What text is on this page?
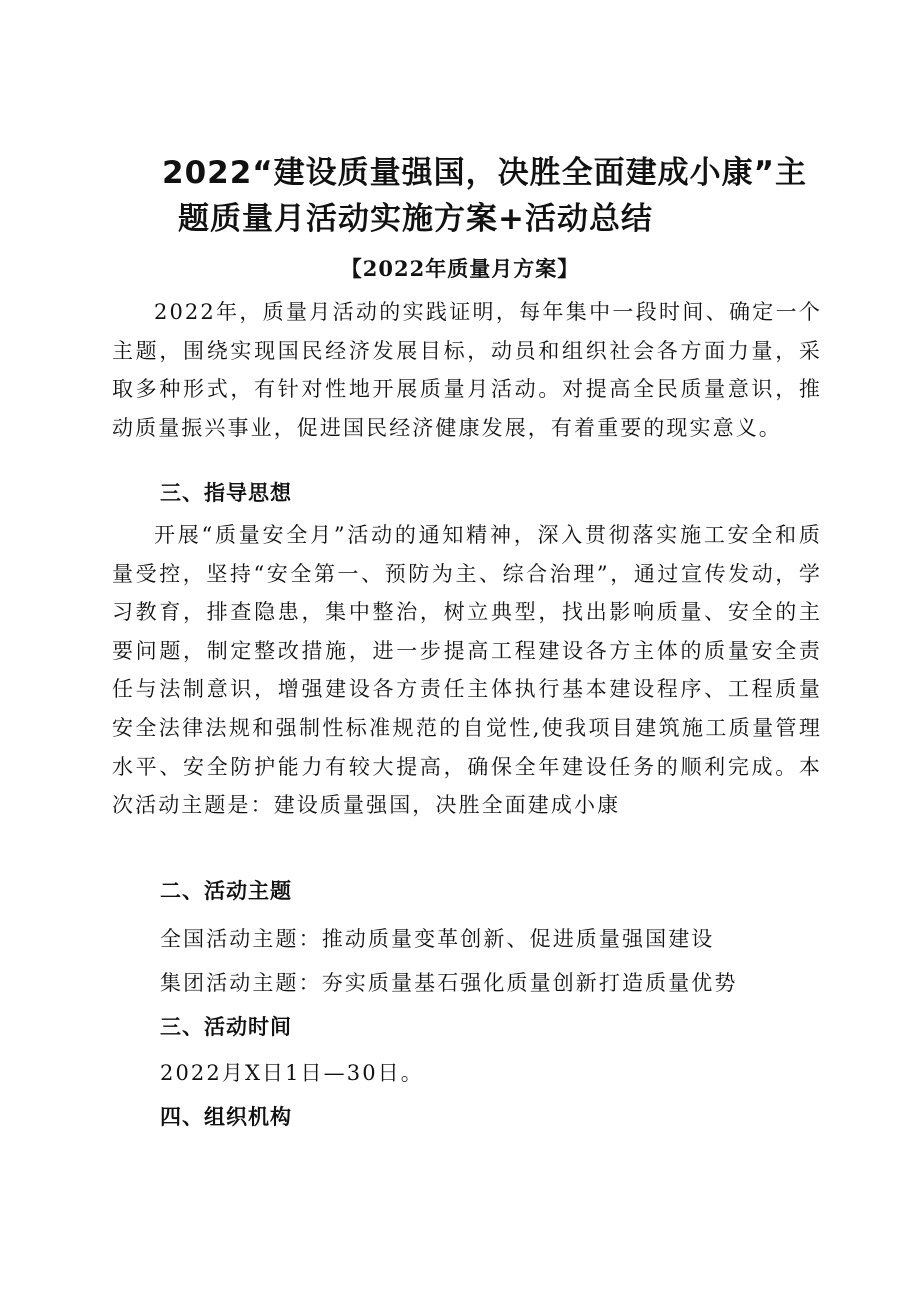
2022“建设质量强国，决胜全面建成小康”主
题质量月活动实施方案+活动总结

【2022年质量月方案】

2022年，质量月活动的实践证明，每年集中一段时间、确定一个主题，围绕实现国民经济发展目标，动员和组织社会各方面力量，采取多种形式，有针对性地开展质量月活动。对提高全民质量意识，推动质量振兴事业，促进国民经济健康发展，有着重要的现实意义。

三、指导思想

开展“质量安全月”活动的通知精神，深入贯彻落实施工安全和质量受控，坚持“安全第一、预防为主、综合治理”，通过宣传发动，学习教育，排查隐患，集中整治，树立典型，找出影响质量、安全的主要问题，制定整改措施，进一步提高工程建设各方主体的质量安全责任与法制意识，增强建设各方责任主体执行基本建设程序、工程质量安全法律法规和强制性标准规范的自觉性,使我项目建筑施工质量管理水平、安全防护能力有较大提高，确保全年建设任务的顺利完成。本次活动主题是：建设质量强国，决胜全面建成小康

二、活动主题

全国活动主题：推动质量变革创新、促进质量强国建设

集团活动主题：夯实质量基石强化质量创新打造质量优势

三、活动时间

2022月X日1日—30日。

四、组织机构
